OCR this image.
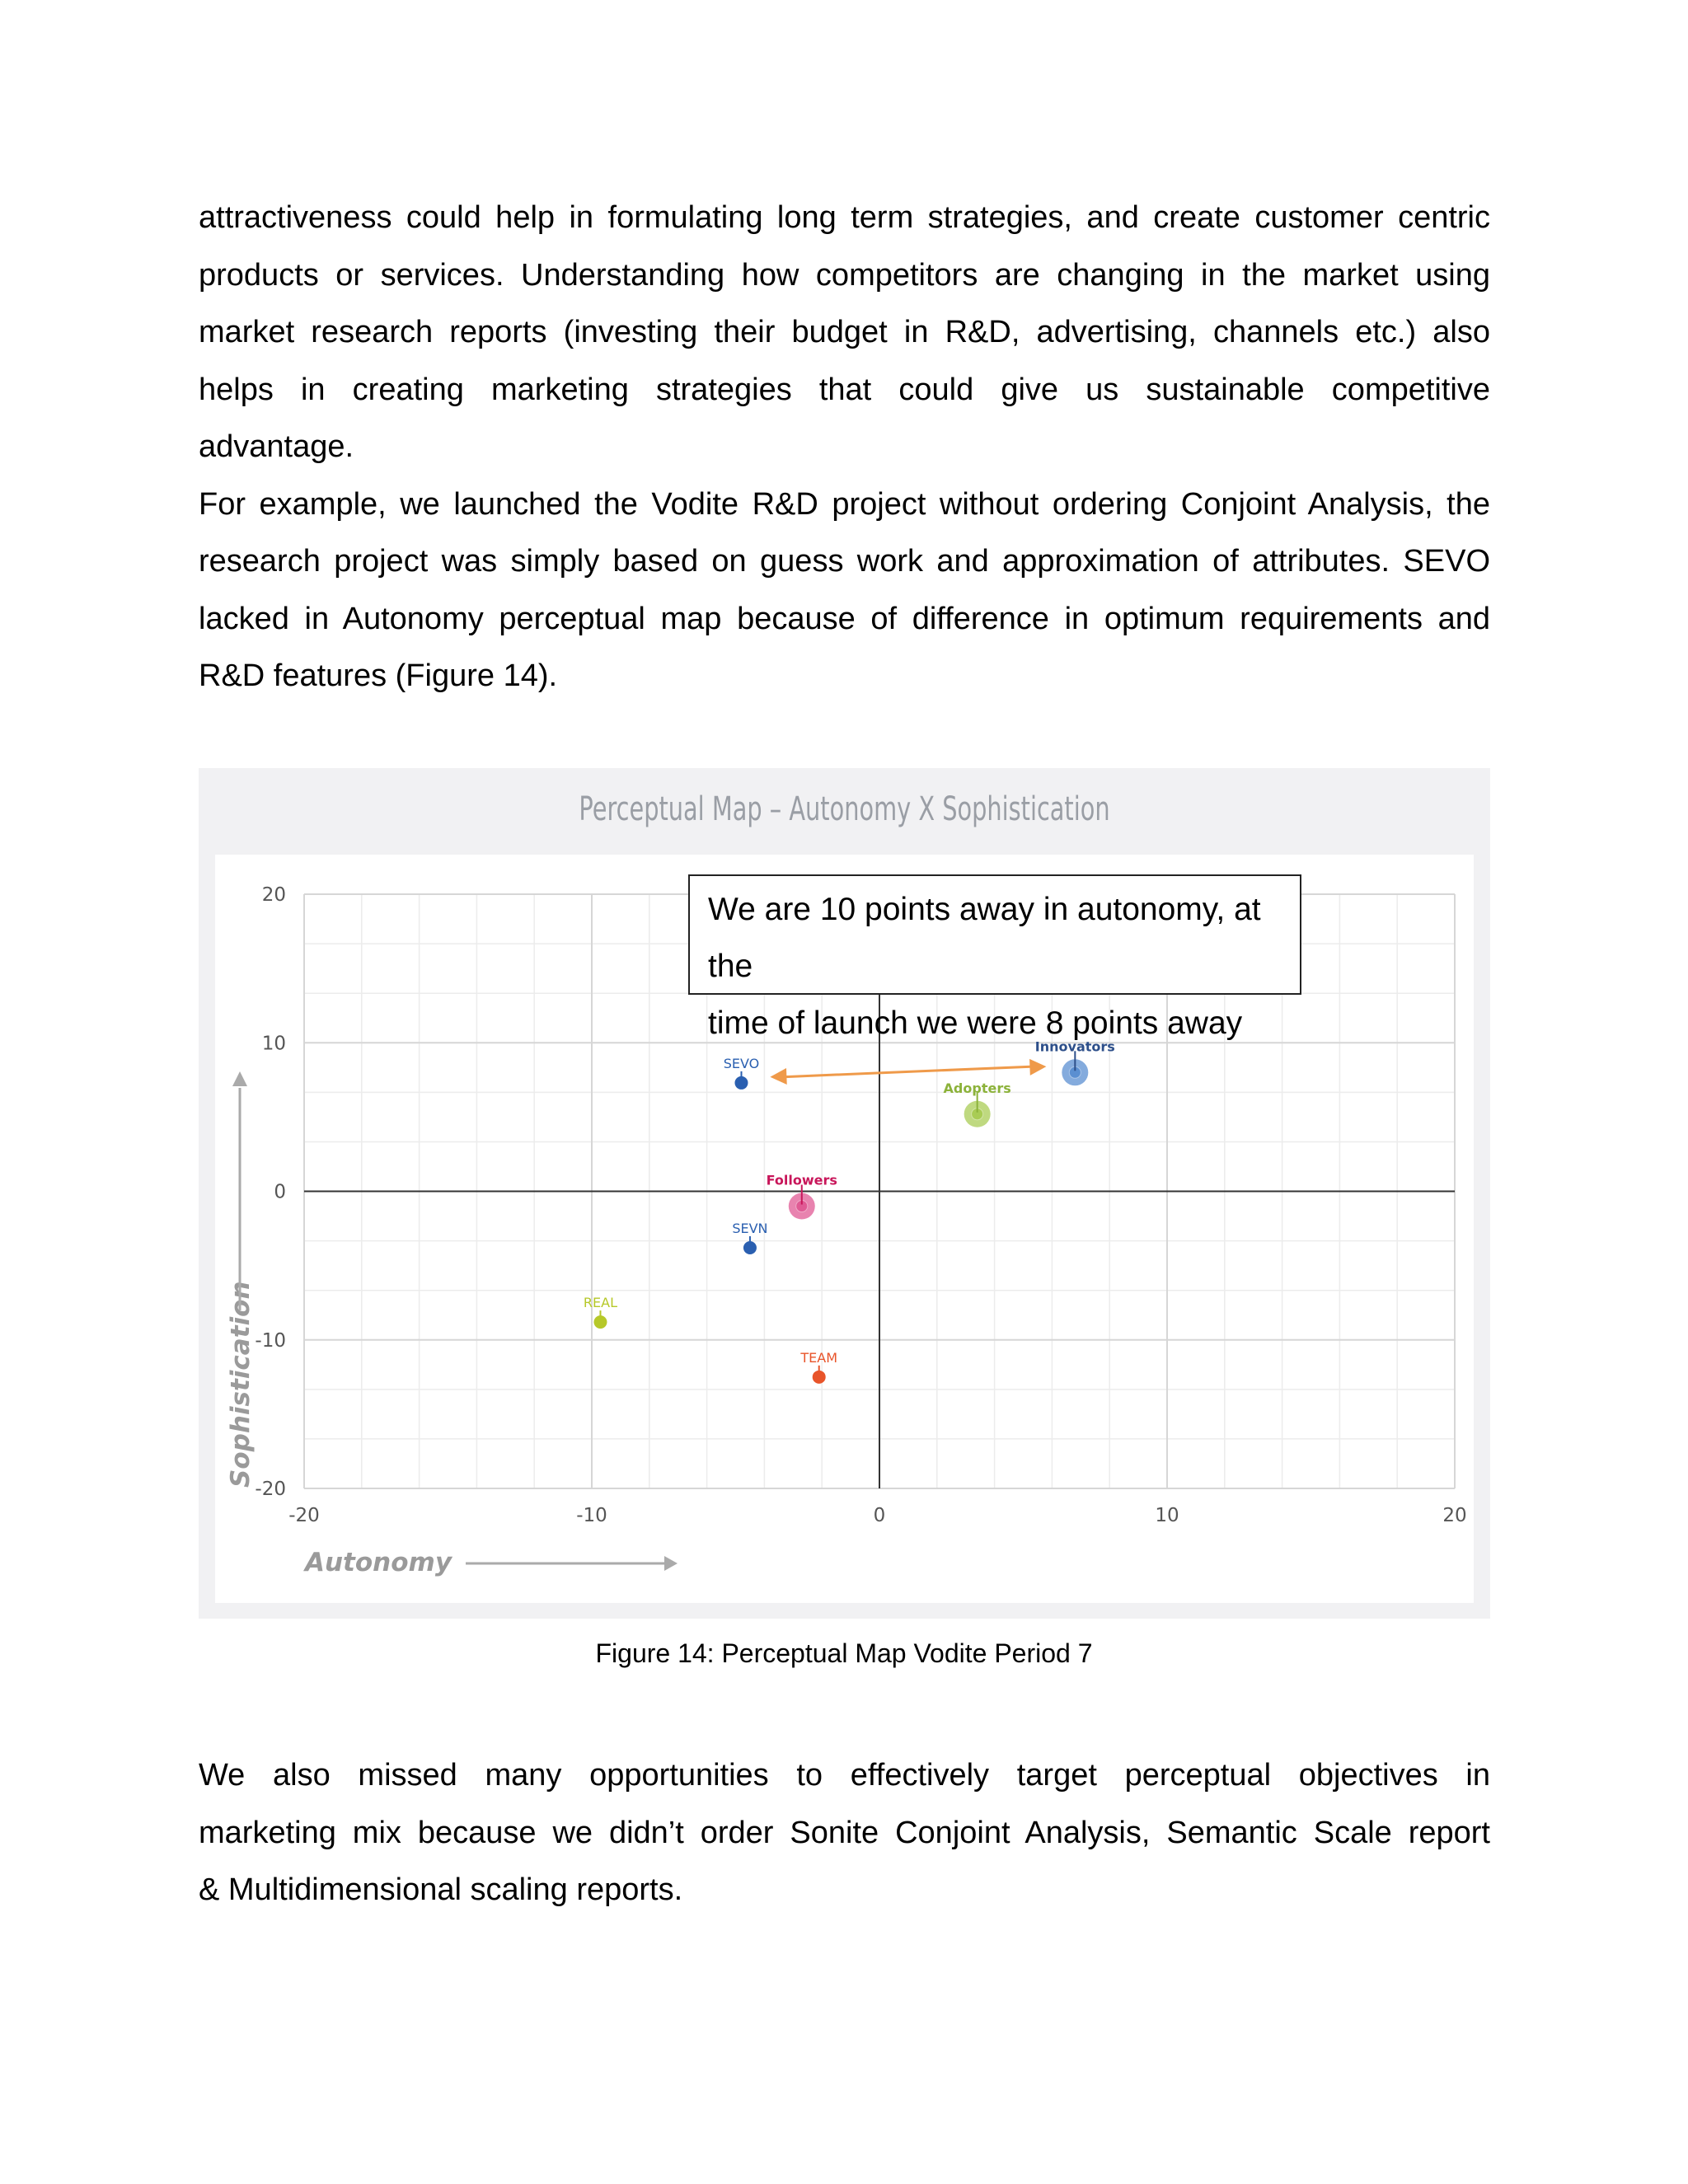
attractiveness could help in formulating long term strategies, and create customer centric
products or services. Understanding how competitors are changing in the market using
market research reports (investing their budget in R&D, advertising, channels etc.) also
helps in creating marketing strategies that could give us sustainable competitive
advantage.
For example, we launched the Vodite R&D project without ordering Conjoint Analysis, the
research project was simply based on guess work and approximation of attributes. SEVO
lacked in Autonomy perceptual map because of difference in optimum requirements and
R&D features (Figure 14).
Perceptual Map – Autonomy X Sophistication
-20	-10	0	10	20
20
10
0
-10
-20
Autonomy
Sophistication
SEVO
SEVN
REAL
TEAM
Innovators
Adopters
Followers
We are 10 points away in autonomy, at the
time of launch we were 8 points away
Figure 14: Perceptual Map Vodite Period 7
We also missed many opportunities to effectively target perceptual objectives in
marketing mix because we didn’t order Sonite Conjoint Analysis, Semantic Scale report
& Multidimensional scaling reports.
